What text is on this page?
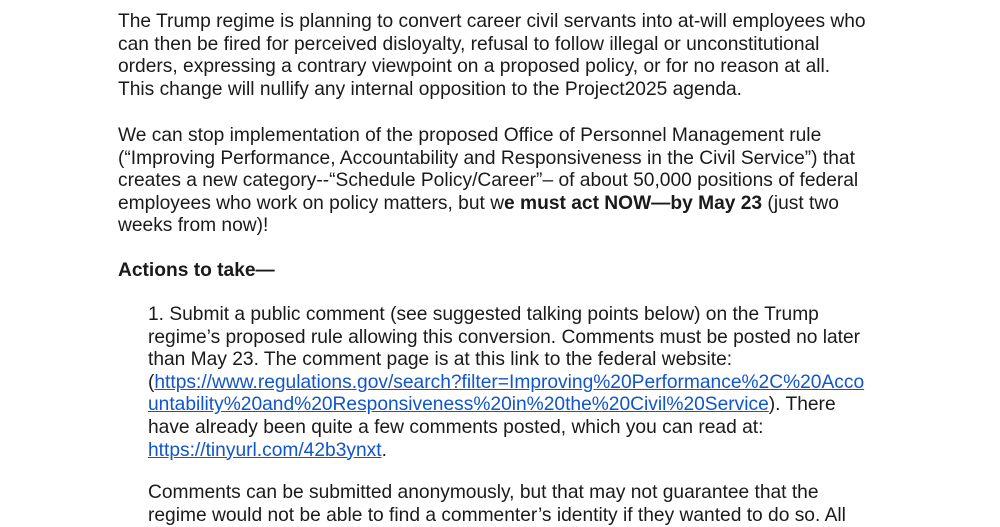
The Trump regime is planning to convert career civil servants into at-will employees who
can then be fired for perceived disloyalty, refusal to follow illegal or unconstitutional
orders, expressing a contrary viewpoint on a proposed policy, or for no reason at all.
This change will nullify any internal opposition to the Project2025 agenda.

We can stop implementation of the proposed Office of Personnel Management rule
(“Improving Performance, Accountability and Responsiveness in the Civil Service”) that
creates a new category--“Schedule Policy/Career”– of about 50,000 positions of federal
employees who work on policy matters, but we must act NOW—by May 23 (just two
weeks from now)!

Actions to take—

1. Submit a public comment (see suggested talking points below) on the Trump
regime’s proposed rule allowing this conversion. Comments must be posted no later
than May 23. The comment page is at this link to the federal website:
(https://www.regulations.gov/search?filter=Improving%20Performance%2C%20Acco
untability%20and%20Responsiveness%20in%20the%20Civil%20Service). There
have already been quite a few comments posted, which you can read at:
https://tinyurl.com/42b3ynxt.

Comments can be submitted anonymously, but that may not guarantee that the
regime would not be able to find a commenter’s identity if they wanted to do so. All
